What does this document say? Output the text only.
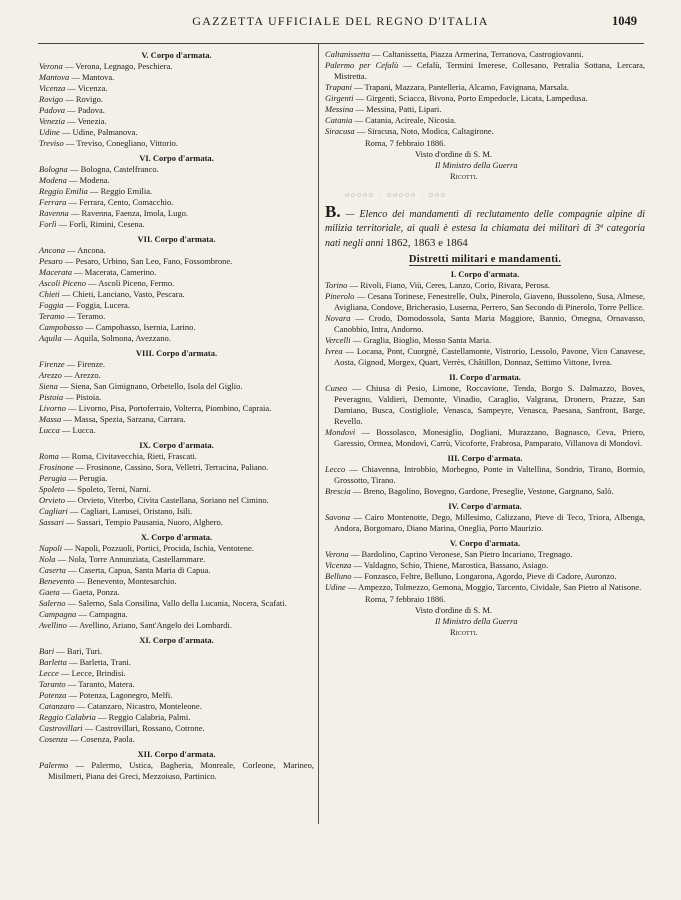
GAZZETTA UFFICIALE DEL REGNO D'ITALIA	1049
V. Corpo d'armata.
Verona — Verona, Legnago, Peschiera.
Mantova — Mantova.
Vicenza — Vicenza.
Rovigo — Rovigo.
Padova — Padova.
Venezia — Venezia.
Udine — Udine, Palmanova.
Treviso — Treviso, Conegliano, Vittorio.
VI. Corpo d'armata.
Bologna — Bologna, Castelfranco.
Modena — Modena.
Reggio Emilia — Reggio Emilia.
Ferrara — Ferrara, Cento, Comacchio.
Ravenna — Ravenna, Faenza, Imola, Lugo.
Forlì — Forlì, Rimini, Cesena.
VII. Corpo d'armata.
Ancona — Ancona.
Pesaro — Pesaro, Urbino, San Leo, Fano, Fossombrone.
Macerata — Macerata, Camerino.
Ascoli Piceno — Ascoli Piceno, Fermo.
Chieti — Chieti, Lanciano, Vasto, Pescara.
Foggia — Foggia, Lucera.
Teramo — Teramo.
Campobasso — Campobasso, Isernia, Larino.
Aquila — Aquila, Solmona, Avezzano.
VIII. Corpo d'armata.
Firenze — Firenze.
Arezzo — Arezzo.
Siena — Siena, San Gimignano, Orbetello, Isola del Giglio.
Pistoia — Pistoia.
Livorno — Livorno, Pisa, Portoferraio, Volterra, Piombino, Capraia.
Massa — Massa, Spezia, Sarzana, Carrara.
Lucca — Lucca.
IX. Corpo d'armata.
Roma — Roma, Civitavecchia, Rieti, Frascati.
Frosinone — Frosinone, Cassino, Sora, Velletri, Terracina, Paliano.
Perugia — Perugia.
Spoleto — Spoleto, Terni, Narni.
Orvieto — Orvieto, Viterbo, Civita Castellana, Soriano nel Cimino.
Cagliari — Cagliari, Lanusei, Oristano, Isili.
Sassari — Sassari, Tempio Pausania, Nuoro, Alghero.
X. Corpo d'armata.
Napoli — Napoli, Pozzuoli, Portici, Procida, Ischia, Ventotene.
Nola — Nola, Torre Annunziata, Castellammare.
Caserta — Caserta, Capua, Santa Maria di Capua.
Benevento — Benevento, Montesarchio.
Gaeta — Gaeta, Ponza.
Salerno — Salerno, Sala Consilina, Vallo della Lucania, Nocera, Scafati.
Campagna — Campagna.
Avellino — Avellino, Ariano, Sant'Angelo dei Lombardi.
XI. Corpo d'armata.
Bari — Bari, Turi.
Barletta — Barletta, Trani.
Lecce — Lecce, Brindisi.
Taranto — Taranto, Matera.
Potenza — Potenza, Lagonegro, Melfi.
Catanzaro — Catanzaro, Nicastro, Monteleone.
Reggio Calabria — Reggio Calabria, Palmi.
Castrovillari — Castrovillari, Rossano, Cotrone.
Cosenza — Cosenza, Paola.
XII. Corpo d'armata.
Palermo — Palermo, Ustica, Bagheria, Monreale, Corleone, Marineo, Misilmeri, Piana dei Greci, Mezzoiuso, Partinico.
Caltanissetta — Caltanissetta, Piazza Armerina, Terranova, Castrogiovanni.
Palermo per Cefalù — Cefalù, Termini Imerese, Collesano, Petralia Sottana, Lercara, Mistretta.
Trapani — Trapani, Mazzara, Pantelleria, Alcamo, Favignana, Marsala.
Girgenti — Girgenti, Sciacca, Bivona, Porto Empedocle, Licata, Lampedusa.
Messina — Messina, Patti, Lipari.
Catania — Catania, Acireale, Nicosia.
Siracusa — Siracusa, Noto, Modica, Caltagirone.
Roma, 7 febbraio 1886.
Visto d'ordine di S. M.
Il Ministro della Guerra
Ricotti.
ooooo · ooooo · ooo
B. — Elenco dei mandamenti di reclutamento delle compagnie alpine di milizia territoriale, ai quali è estesa la chiamata dei militari di 3ª categoria nati negli anni 1862, 1863 e 1864
Distretti militari e mandamenti.
I. Corpo d'armata.
Torino — Rivoli, Fiano, Viù, Ceres, Lanzo, Corio, Rivara, Perosa.
Pinerolo — Cesana Torinese, Fenestrelle, Oulx, Pinerolo, Giaveno, Bussoleno, Susa, Almese, Avigliana, Condove, Bricherasio, Luserna, Perrero, San Secondo di Pinerolo, Torre Pellice.
Novara — Crodo, Domodossola, Santa Maria Maggiore, Bannio, Omegna, Ornavasso, Canobbio, Intra, Andorno.
Vercelli — Graglia, Bioglio, Mosso Santa Maria.
Ivrea — Locana, Pont, Cuorgnè, Castellamonte, Vistrorio, Lessolo, Pavone, Vico Canavese, Aosta, Gignod, Morgex, Quart, Verrès, Châtillon, Donnaz, Settimo Vittone, Ivrea.
II. Corpo d'armata.
Cuneo — Chiusa di Pesio, Limone, Roccavione, Tenda, Borgo S. Dalmazzo, Boves, Peveragno, Valdieri, Demonte, Vinadio, Caraglio, Valgrana, Dronero, Prazze, San Damiano, Busca, Costigliole, Venasca, Sampeyre, Venasca, Paesana, Sanfront, Barge, Revello.
Mondovì — Bossolasco, Monesiglio, Dogliani, Murazzano, Bagnasco, Ceva, Priero, Garessio, Ormea, Mondovì, Carrù, Vicoforte, Frabrosa, Pamparato, Villanova di Mondovì.
III. Corpo d'armata.
Lecco — Chiavenna, Introbbio, Morbegno, Ponte in Valtellina, Sondrio, Tirano, Bormio, Grossotto, Tirano.
Brescia — Breno, Bagolino, Bovegno, Gardone, Preseglie, Vestone, Gargnano, Salò.
IV. Corpo d'armata.
Savona — Cairo Montenotte, Dego, Millesimo, Calizzano, Pieve di Teco, Triora, Albenga, Andora, Borgomaro, Diano Marina, Oneglia, Porto Maurizio.
V. Corpo d'armata.
Verona — Bardolino, Caprino Veronese, San Pietro Incariano, Tregnago.
Vicenza — Valdagno, Schio, Thiene, Marostica, Bassano, Asiago.
Belluno — Fonzasco, Feltre, Belluno, Longarona, Agordo, Pieve di Cadore, Auronzo.
Udine — Ampezzo, Tolmezzo, Gemona, Moggio, Tarcento, Cividale, San Pietro al Natisone.
Roma, 7 febbraio 1886.
Visto d'ordine di S. M.
Il Ministro della Guerra
Ricotti.
